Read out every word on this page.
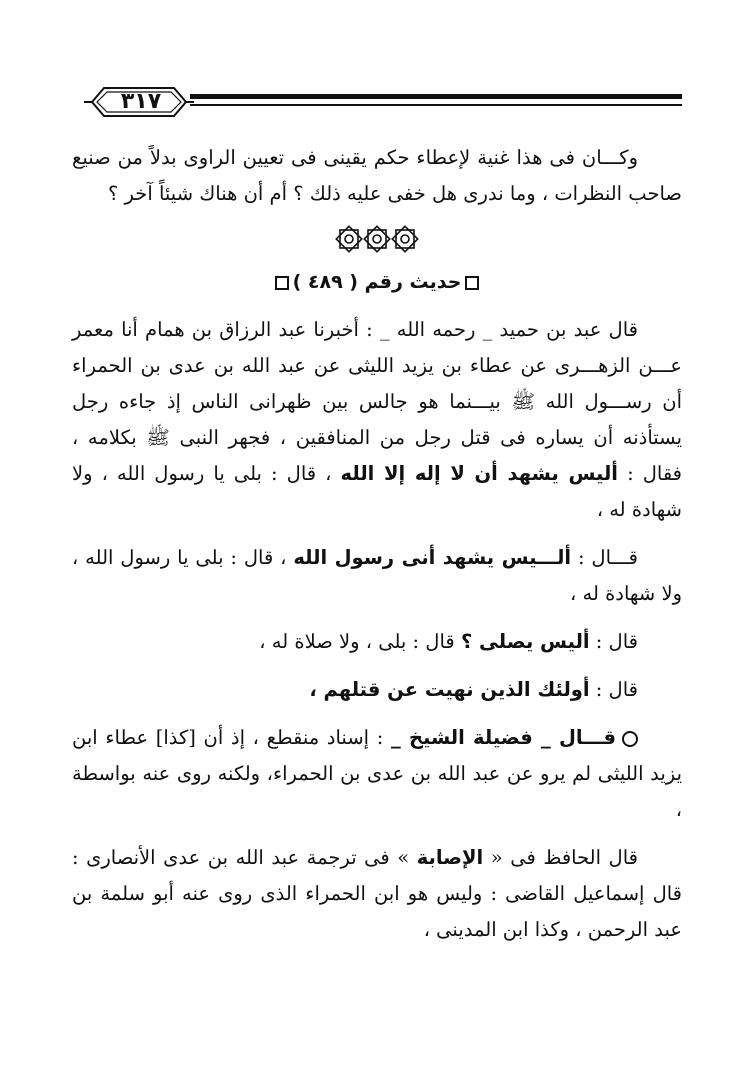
٣١٧

وكـــان فى هذا غنية لإعطاء حكم يقينى فى تعيين الراوى بدلاً من صنيع صاحب النظرات ، وما ندرى هل خفى عليه ذلك ؟ أم أن هناك شيئاً آخر ؟

حديث رقم ( ٤٨٩ )

قال عبد بن حميد _ رحمه الله _ : أخبرنا عبد الرزاق بن همام أنا معمر عـــن الزهـــرى عن عطاء بن يزيد الليثى عن عبد الله بن عدى بن الحمراء أن رســـول الله ﷺ بيـــنما هو جالس بين ظهرانى الناس إذ جاءه رجل يستأذنه أن يساره فى قتل رجل من المنافقين ، فجهر النبى ﷺ بكلامه ، فقال : أليس يشهد أن لا إله إلا الله ، قال : بلى يا رسول الله ، ولا شهادة له ،

قـــال : ألـــيس يشهد أنى رسول الله ، قال : بلى يا رسول الله ، ولا شهادة له ،

قال : أليس يصلى ؟ قال : بلى ، ولا صلاة له ،

قال : أولئك الذين نهيت عن قتلهم ،

قـــال _ فضيلة الشيخ _ : إسناد منقطع ، إذ أن [كذا] عطاء ابن يزيد الليثى لم يرو عن عبد الله بن عدى بن الحمراء، ولكنه روى عنه بواسطة ،

قال الحافظ فى « الإصابة » فى ترجمة عبد الله بن عدى الأنصارى : قال إسماعيل القاضى : وليس هو ابن الحمراء الذى روى عنه أبو سلمة بن عبد الرحمن ، وكذا ابن المدينى ،
